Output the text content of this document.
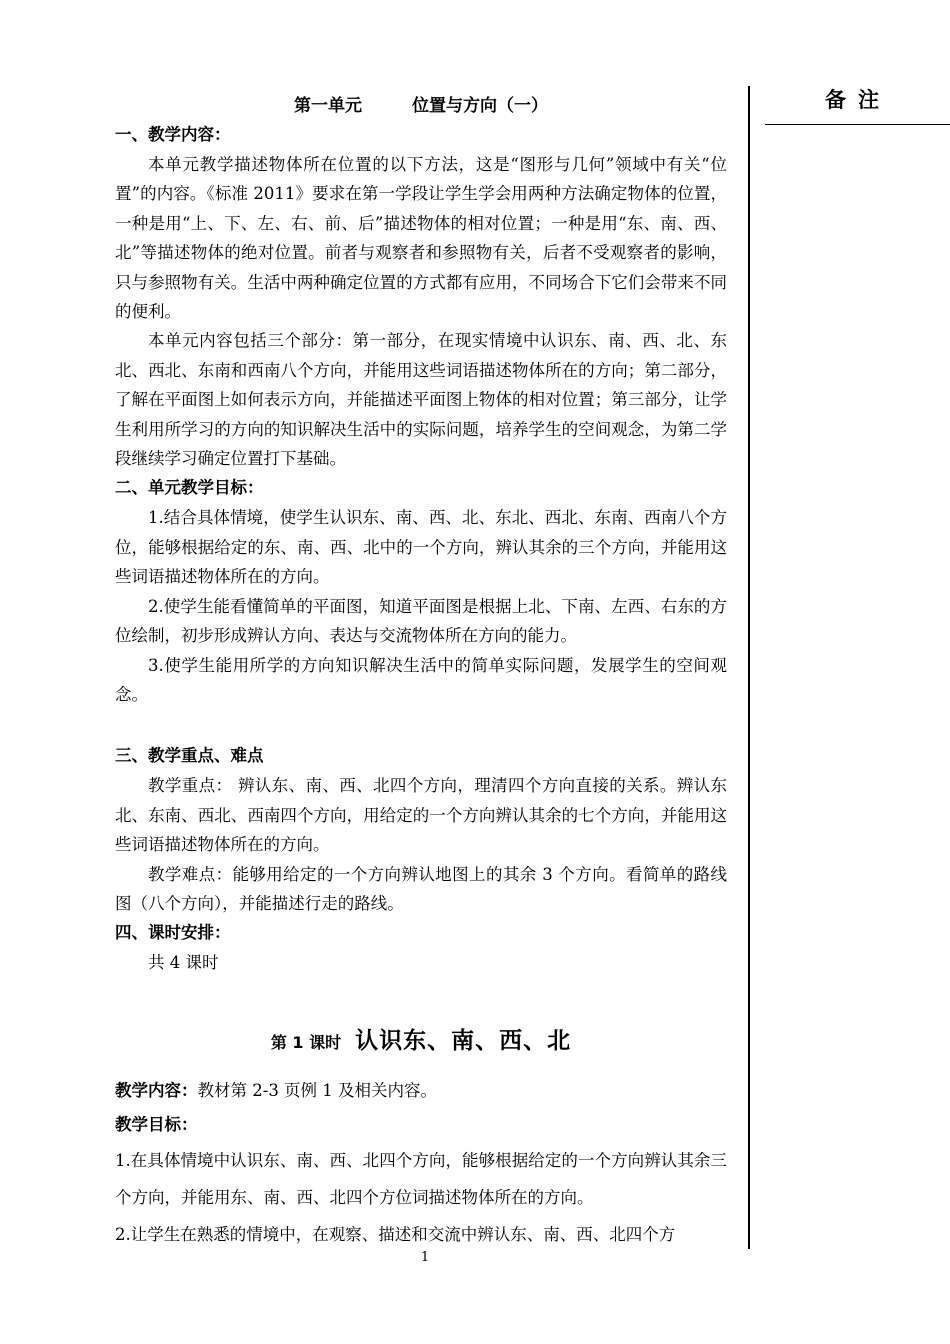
备注
第一单元	位置与方向（一）
一、教学内容：

本单元教学描述物体所在位置的以下方法，这是“图形与几何”领域中有关“位置”的内容。《标准 2011》要求在第一学段让学生学会用两种方法确定物体的位置，一种是用“上、下、左、右、前、后”描述物体的相对位置；一种是用“东、南、西、北”等描述物体的绝对位置。前者与观察者和参照物有关，后者不受观察者的影响，只与参照物有关。生活中两种确定位置的方式都有应用，不同场合下它们会带来不同的便利。

本单元内容包括三个部分：第一部分，在现实情境中认识东、南、西、北、东北、西北、东南和西南八个方向，并能用这些词语描述物体所在的方向；第二部分，了解在平面图上如何表示方向，并能描述平面图上物体的相对位置；第三部分，让学生利用所学习的方向的知识解决生活中的实际问题，培养学生的空间观念，为第二学段继续学习确定位置打下基础。

二、单元教学目标：

1.结合具体情境，使学生认识东、南、西、北、东北、西北、东南、西南八个方位，能够根据给定的东、南、西、北中的一个方向，辨认其余的三个方向，并能用这些词语描述物体所在的方向。

2.使学生能看懂简单的平面图，知道平面图是根据上北、下南、左西、右东的方位绘制，初步形成辨认方向、表达与交流物体所在方向的能力。

3.使学生能用所学的方向知识解决生活中的简单实际问题，发展学生的空间观念。

三、教学重点、难点

教学重点： 辨认东、南、西、北四个方向，理清四个方向直接的关系。辨认东北、东南、西北、西南四个方向，用给定的一个方向辨认其余的七个方向，并能用这些词语描述物体所在的方向。

教学难点：能够用给定的一个方向辨认地图上的其余 3 个方向。看简单的路线图（八个方向），并能描述行走的路线。

四、课时安排：

共 4 课时

第 1 课时 认识东、南、西、北
教学内容：教材第 2-3 页例 1 及相关内容。
教学目标：

1.在具体情境中认识东、南、西、北四个方向，能够根据给定的一个方向辨认其余三个方向，并能用东、南、西、北四个方位词描述物体所在的方向。

2.让学生在熟悉的情境中，在观察、描述和交流中辨认东、南、西、北四个方

1
